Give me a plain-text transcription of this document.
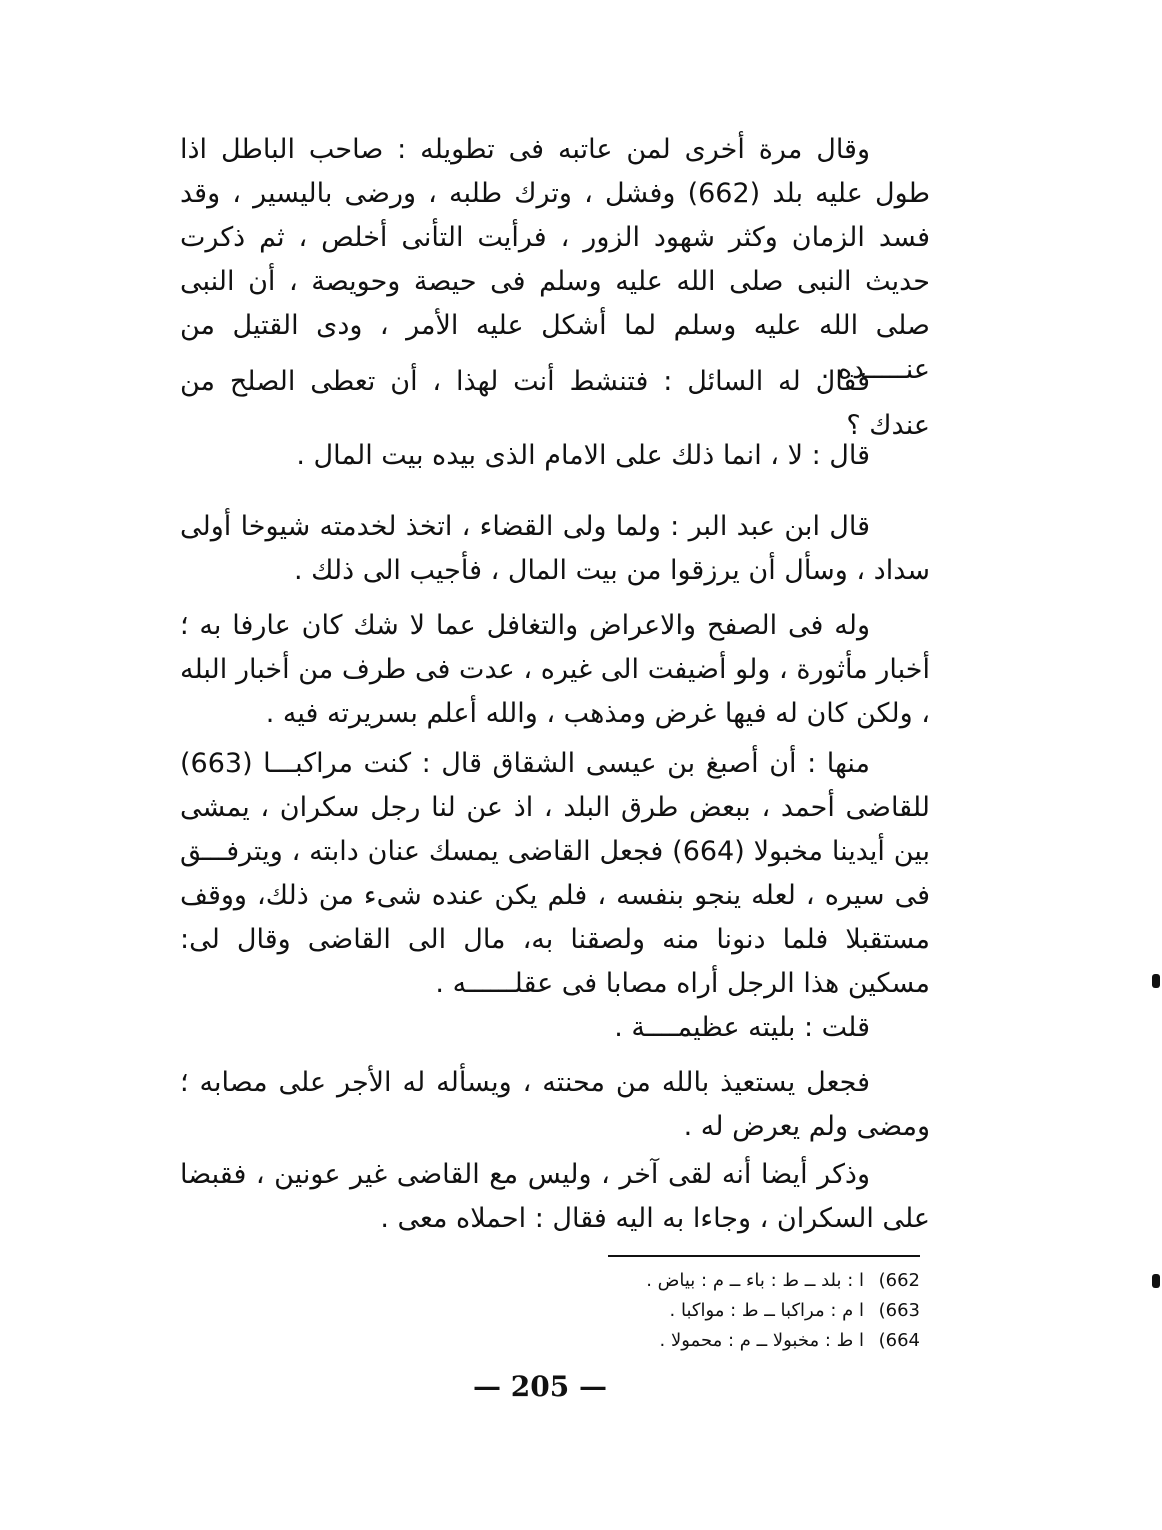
وقال مرة أخرى لمن عاتبه فى تطويله : صاحب الباطل اذا طول عليه بلد (662) وفشل ، وترك طلبه ، ورضى باليسير ، وقد فسد الزمان وكثر شهود الزور ، فرأيت التأنى أخلص ، ثم ذكرت حديث النبى صلى الله عليه وسلم فى حيصة وحويصة ، أن النبى صلى الله عليه وسلم لما أشكل عليه الأمر ، ودى القتيل من عنـــــده .

فقال له السائل : فتنشط أنت لهذا ، أن تعطى الصلح من عندك ؟

قال : لا ، انما ذلك على الامام الذى بيده بيت المال .

قال ابن عبد البر : ولما ولى القضاء ، اتخذ لخدمته شيوخا أولى سداد ، وسأل أن يرزقوا من بيت المال ، فأجيب الى ذلك .

وله فى الصفح والاعراض والتغافل عما لا شك كان عارفا به ؛ أخبار مأثورة ، ولو أضيفت الى غيره ، عدت فى طرف من أخبار البله ، ولكن كان له فيها غرض ومذهب ، والله أعلم بسريرته فيه .

منها : أن أصبغ بن عيسى الشقاق قال : كنت مراكبـــا (663) للقاضى أحمد ، ببعض طرق البلد ، اذ عن لنا رجل سكران ، يمشى بين أيدينا مخبولا (664) فجعل القاضى يمسك عنان دابته ، ويترفـــق فى سيره ، لعله ينجو بنفسه ، فلم يكن عنده شىء من ذلك، ووقف مستقبلا فلما دنونا منه ولصقنا به، مال الى القاضى وقال لى: مسكين هذا الرجل أراه مصابا فى عقلــــــه .

قلت : بليته عظيمــــة .

فجعل يستعيذ بالله من محنته ، ويسأله له الأجر على مصابه ؛ ومضى ولم يعرض له .

وذكر أيضا أنه لقى آخر ، وليس مع القاضى غير عونين ، فقبضا على السكران ، وجاءا به اليه فقال : احملاه معى .

662)
ا : بلد ــ ط : باء ــ م : بياض .
663)
ا م : مراكبا ــ ط : مواكبا .
664)
ا ط : مخبولا ــ م : محمولا .
— 205 —
